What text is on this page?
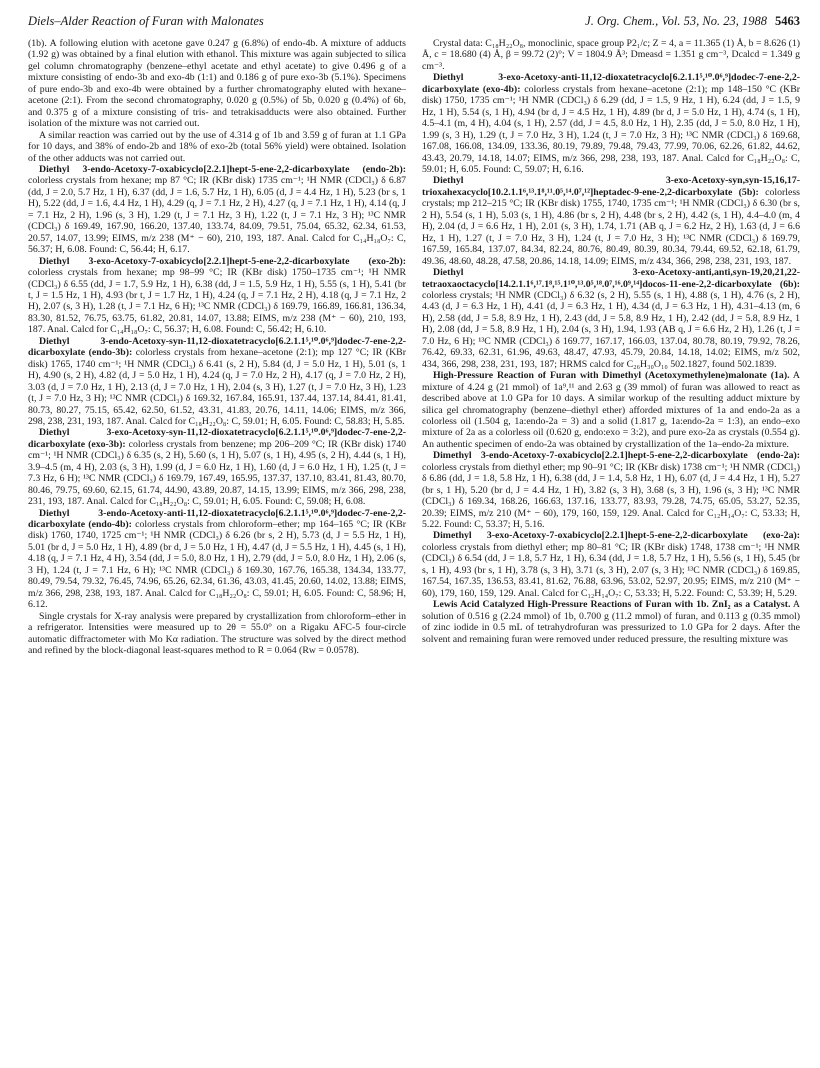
Diels–Alder Reaction of Furan with Malonates	J. Org. Chem., Vol. 53, No. 23, 1988 5463

(1b). A following elution with acetone gave 0.247 g (6.8%) of endo-4b. A mixture of adducts (1.92 g) was obtained by a final elution with ethanol. This mixture was again subjected to silica gel column chromatography (benzene–ethyl acetate and ethyl acetate) to give 0.496 g of a mixture consisting of endo-3b and exo-4b (1:1) and 0.186 g of pure exo-3b (5.1%). Specimens of pure endo-3b and exo-4b were obtained by a further chromatography eluted with hexane–acetone (2:1). From the second chromatography, 0.020 g (0.5%) of 5b, 0.020 g (0.4%) of 6b, and 0.375 g of a mixture consisting of tris- and tetrakisadducts were also obtained. Further isolation of the mixture was not carried out.

A similar reaction was carried out by the use of 4.314 g of 1b and 3.59 g of furan at 1.1 GPa for 10 days, and 38% of endo-2b and 18% of exo-2b (total 56% yield) were obtained. Isolation of the other adducts was not carried out.

Diethyl 3-endo-Acetoxy-7-oxabicyclo[2.2.1]hept-5-ene-2,2-dicarboxylate (endo-2b): colorless crystals from hexane; mp 87 °C; IR (KBr disk) 1735 cm⁻¹; ¹H NMR (CDCl₃) δ 6.87 (dd, J = 2.0, 5.7 Hz, 1 H), 6.37 (dd, J = 1.6, 5.7 Hz, 1 H), 6.05 (d, J = 4.4 Hz, 1 H), 5.23 (br s, 1 H), 5.22 (dd, J = 1.6, 4.4 Hz, 1 H), 4.29 (q, J = 7.1 Hz, 2 H), 4.27 (q, J = 7.1 Hz, 1 H), 4.14 (q, J = 7.1 Hz, 2 H), 1.96 (s, 3 H), 1.29 (t, J = 7.1 Hz, 3 H), 1.22 (t, J = 7.1 Hz, 3 H); ¹³C NMR (CDCl₃) δ 169.49, 167.90, 166.20, 137.40, 133.74, 84.09, 79.51, 75.04, 65.32, 62.34, 61.53, 20.57, 14.07, 13.99; EIMS, m/z 238 (M⁺ − 60), 210, 193, 187. Anal. Calcd for C₁₄H₁₈O₇: C, 56.37; H, 6.08. Found: C, 56.44; H, 6.17.

Diethyl 3-exo-Acetoxy-7-oxabicyclo[2.2.1]hept-5-ene-2,2-dicarboxylate (exo-2b): colorless crystals from hexane; mp 98–99 °C; IR (KBr disk) 1750–1735 cm⁻¹; ¹H NMR (CDCl₃) δ 6.55 (dd, J = 1.7, 5.9 Hz, 1 H), 6.38 (dd, J = 1.5, 5.9 Hz, 1 H), 5.55 (s, 1 H), 5.41 (br t, J = 1.5 Hz, 1 H), 4.93 (br t, J = 1.7 Hz, 1 H), 4.24 (q, J = 7.1 Hz, 2 H), 4.18 (q, J = 7.1 Hz, 2 H), 2.07 (s, 3 H), 1.28 (t, J = 7.1 Hz, 6 H); ¹³C NMR (CDCl₃) δ 169.79, 166.89, 166.81, 136.34, 83.30, 81.52, 76.75, 63.75, 61.82, 20.81, 14.07, 13.88; EIMS, m/z 238 (M⁺ − 60), 210, 193, 187. Anal. Calcd for C₁₄H₁₈O₇: C, 56.37; H, 6.08. Found: C, 56.42; H, 6.10.

Diethyl 3-endo-Acetoxy-syn-11,12-dioxatetracyclo[6.2.1.1⁵,¹⁰.0⁶,⁹]dodec-7-ene-2,2-dicarboxylate (endo-3b): colorless crystals from hexane–acetone (2:1); mp 127 °C; IR (KBr disk) 1765, 1740 cm⁻¹; ¹H NMR (CDCl₃) δ 6.41 (s, 2 H), 5.84 (d, J = 5.0 Hz, 1 H), 5.01 (s, 1 H), 4.90 (s, 2 H), 4.82 (d, J = 5.0 Hz, 1 H), 4.24 (q, J = 7.0 Hz, 2 H), 4.17 (q, J = 7.0 Hz, 2 H), 3.03 (d, J = 7.0 Hz, 1 H), 2.13 (d, J = 7.0 Hz, 1 H), 2.04 (s, 3 H), 1.27 (t, J = 7.0 Hz, 3 H), 1.23 (t, J = 7.0 Hz, 3 H); ¹³C NMR (CDCl₃) δ 169.32, 167.84, 165.91, 137.44, 137.14, 84.41, 81.41, 80.73, 80.27, 75.15, 65.42, 62.50, 61.52, 43.31, 41.83, 20.76, 14.11, 14.06; EIMS, m/z 366, 298, 238, 231, 193, 187. Anal. Calcd for C₁₈H₂₂O₈: C, 59.01; H, 6.05. Found: C, 58.83; H, 5.85.

Diethyl 3-exo-Acetoxy-syn-11,12-dioxatetracyclo[6.2.1.1⁵,¹⁰.0⁶,⁹]dodec-7-ene-2,2-dicarboxylate (exo-3b): colorless crystals from benzene; mp 206–209 °C; IR (KBr disk) 1740 cm⁻¹; ¹H NMR (CDCl₃) δ 6.35 (s, 2 H), 5.60 (s, 1 H), 5.07 (s, 1 H), 4.95 (s, 2 H), 4.44 (s, 1 H), 3.9–4.5 (m, 4 H), 2.03 (s, 3 H), 1.99 (d, J = 6.0 Hz, 1 H), 1.60 (d, J = 6.0 Hz, 1 H), 1.25 (t, J = 7.3 Hz, 6 H); ¹³C NMR (CDCl₃) δ 169.79, 167.49, 165.95, 137.37, 137.10, 83.41, 81.43, 80.70, 80.46, 79.75, 69.60, 62.15, 61.74, 44.90, 43.89, 20.87, 14.15, 13.99; EIMS, m/z 366, 298, 238, 231, 193, 187. Anal. Calcd for C₁₈H₂₂O₈: C, 59.01; H, 6.05. Found: C, 59.08; H, 6.08.

Diethyl 3-endo-Acetoxy-anti-11,12-dioxatetracyclo[6.2.1.1⁵,¹⁰.0⁶,⁹]dodec-7-ene-2,2-dicarboxylate (endo-4b): colorless crystals from chloroform–ether; mp 164–165 °C; IR (KBr disk) 1760, 1740, 1725 cm⁻¹; ¹H NMR (CDCl₃) δ 6.26 (br s, 2 H), 5.73 (d, J = 5.5 Hz, 1 H), 5.01 (br d, J = 5.0 Hz, 1 H), 4.89 (br d, J = 5.0 Hz, 1 H), 4.47 (d, J = 5.5 Hz, 1 H), 4.45 (s, 1 H), 4.18 (q, J = 7.1 Hz, 4 H), 3.54 (dd, J = 5.0, 8.0 Hz, 1 H), 2.79 (dd, J = 5.0, 8.0 Hz, 1 H), 2.06 (s, 3 H), 1.24 (t, J = 7.1 Hz, 6 H); ¹³C NMR (CDCl₃) δ 169.30, 167.76, 165.38, 134.34, 133.77, 80.49, 79.54, 79.32, 76.45, 74.96, 65.26, 62.34, 61.36, 43.03, 41.45, 20.60, 14.02, 13.88; EIMS, m/z 366, 298, 238, 193, 187. Anal. Calcd for C₁₈H₂₂O₈: C, 59.01; H, 6.05. Found: C, 58.96; H, 6.12.

Single crystals for X-ray analysis were prepared by crystallization from chloroform–ether in a refrigerator. Intensities were measured up to 2θ = 55.0° on a Rigaku AFC-5 four-circle automatic diffractometer with Mo Kα radiation. The structure was solved by the direct method and refined by the block-diagonal least-squares method to R = 0.064 (Rw = 0.0578).

Crystal data: C₁₈H₂₂O₈, monoclinic, space group P2₁/c; Z = 4, a = 11.365 (1) Å, b = 8.626 (1) Å, c = 18.680 (4) Å, β = 99.72 (2)°; V = 1804.9 Å³; Dmeasd = 1.351 g cm⁻³, Dcalcd = 1.349 g cm⁻³.

Diethyl 3-exo-Acetoxy-anti-11,12-dioxatetracyclo[6.2.1.1⁵,¹⁰.0⁶,⁹]dodec-7-ene-2,2-dicarboxylate (exo-4b): colorless crystals from hexane–acetone (2:1); mp 148–150 °C (KBr disk) 1750, 1735 cm⁻¹; ¹H NMR (CDCl₃) δ 6.29 (dd, J = 1.5, 9 Hz, 1 H), 6.24 (dd, J = 1.5, 9 Hz, 1 H), 5.54 (s, 1 H), 4.94 (br d, J = 4.5 Hz, 1 H), 4.89 (br d, J = 5.0 Hz, 1 H), 4.74 (s, 1 H), 4.5–4.1 (m, 4 H), 4.04 (s, 1 H), 2.57 (dd, J = 4.5, 8.0 Hz, 1 H), 2.35 (dd, J = 5.0, 8.0 Hz, 1 H), 1.99 (s, 3 H), 1.29 (t, J = 7.0 Hz, 3 H), 1.24 (t, J = 7.0 Hz, 3 H); ¹³C NMR (CDCl₃) δ 169.68, 167.08, 166.08, 134.09, 133.36, 80.19, 79.89, 79.48, 79.43, 77.99, 70.06, 62.26, 61.82, 44.62, 43.43, 20.79, 14.18, 14.07; EIMS, m/z 366, 298, 238, 193, 187. Anal. Calcd for C₁₈H₂₂O₈: C, 59.01; H, 6.05. Found: C, 59.07; H, 6.16.

Diethyl 3-exo-Acetoxy-syn,syn-15,16,17-trioxahexacyclo[10.2.1.1⁶,¹³.1⁸,¹¹.0⁵,¹⁴.0⁷,¹²]heptadec-9-ene-2,2-dicarboxylate (5b): colorless crystals; mp 212–215 °C; IR (KBr disk) 1755, 1740, 1735 cm⁻¹; ¹H NMR (CDCl₃) δ 6.30 (br s, 2 H), 5.54 (s, 1 H), 5.03 (s, 1 H), 4.86 (br s, 2 H), 4.48 (br s, 2 H), 4.42 (s, 1 H), 4.4–4.0 (m, 4 H), 2.04 (d, J = 6.6 Hz, 1 H), 2.01 (s, 3 H), 1.74, 1.71 (AB q, J = 6.2 Hz, 2 H), 1.63 (d, J = 6.6 Hz, 1 H), 1.27 (t, J = 7.0 Hz, 3 H), 1.24 (t, J = 7.0 Hz, 3 H); ¹³C NMR (CDCl₃) δ 169.79, 167.59, 165.84, 137.07, 84.34, 82.24, 80.76, 80.49, 80.39, 80.34, 79.44, 69.52, 62.18, 61.79, 49.36, 48.60, 48.28, 47.58, 20.86, 14.18, 14.09; EIMS, m/z 434, 366, 298, 238, 231, 193, 187.

Diethyl 3-exo-Acetoxy-anti,anti,syn-19,20,21,22-tetraoxaoctacyclo[14.2.1.1⁶,¹⁷.1⁸,¹⁵.1¹⁰,¹³.0⁵,¹⁸.0⁷,¹⁶.0⁹,¹⁴]docos-11-ene-2,2-dicarboxylate (6b): colorless crystals; ¹H NMR (CDCl₃) δ 6.32 (s, 2 H), 5.55 (s, 1 H), 4.88 (s, 1 H), 4.76 (s, 2 H), 4.43 (d, J = 6.3 Hz, 1 H), 4.41 (d, J = 6.3 Hz, 1 H), 4.34 (d, J = 6.3 Hz, 1 H), 4.31–4.13 (m, 6 H), 2.58 (dd, J = 5.8, 8.9 Hz, 1 H), 2.43 (dd, J = 5.8, 8.9 Hz, 1 H), 2.42 (dd, J = 5.8, 8.9 Hz, 1 H), 2.08 (dd, J = 5.8, 8.9 Hz, 1 H), 2.04 (s, 3 H), 1.94, 1.93 (AB q, J = 6.6 Hz, 2 H), 1.26 (t, J = 7.0 Hz, 6 H); ¹³C NMR (CDCl₃) δ 169.77, 167.17, 166.03, 137.04, 80.78, 80.19, 79.92, 78.26, 76.42, 69.33, 62.31, 61.96, 49.63, 48.47, 47.93, 45.79, 20.84, 14.18, 14.02; EIMS, m/z 502, 434, 366, 298, 238, 231, 193, 187; HRMS calcd for C₂₆H₃₀O₁₀ 502.1827, found 502.1839.

High-Pressure Reaction of Furan with Dimethyl (Acetoxymethylene)malonate (1a). A mixture of 4.24 g (21 mmol) of 1a⁹,¹¹ and 2.63 g (39 mmol) of furan was allowed to react as described above at 1.0 GPa for 10 days. A similar workup of the resulting adduct mixture by silica gel chromatography (benzene–diethyl ether) afforded mixtures of 1a and endo-2a as a colorless oil (1.504 g, 1a:endo-2a = 3) and a solid (1.817 g, 1a:endo-2a = 1:3), an endo–exo mixture of 2a as a colorless oil (0.620 g, endo:exo = 3:2), and pure exo-2a as crystals (0.554 g). An authentic specimen of endo-2a was obtained by crystallization of the 1a–endo-2a mixture.

Dimethyl 3-endo-Acetoxy-7-oxabicyclo[2.2.1]hept-5-ene-2,2-dicarboxylate (endo-2a): colorless crystals from diethyl ether; mp 90–91 °C; IR (KBr disk) 1738 cm⁻¹; ¹H NMR (CDCl₃) δ 6.86 (dd, J = 1.8, 5.8 Hz, 1 H), 6.38 (dd, J = 1.4, 5.8 Hz, 1 H), 6.07 (d, J = 4.4 Hz, 1 H), 5.27 (br s, 1 H), 5.20 (br d, J = 4.4 Hz, 1 H), 3.82 (s, 3 H), 3.68 (s, 3 H), 1.96 (s, 3 H); ¹³C NMR (CDCl₃) δ 169.34, 168.26, 166.63, 137.16, 133.77, 83.93, 79.28, 74.75, 65.05, 53.27, 52.35, 20.39; EIMS, m/z 210 (M⁺ − 60), 179, 160, 159, 129. Anal. Calcd for C₁₂H₁₄O₇: C, 53.33; H, 5.22. Found: C, 53.37; H, 5.16.

Dimethyl 3-exo-Acetoxy-7-oxabicyclo[2.2.1]hept-5-ene-2,2-dicarboxylate (exo-2a): colorless crystals from diethyl ether; mp 80–81 °C; IR (KBr disk) 1748, 1738 cm⁻¹; ¹H NMR (CDCl₃) δ 6.54 (dd, J = 1.8, 5.7 Hz, 1 H), 6.34 (dd, J = 1.8, 5.7 Hz, 1 H), 5.56 (s, 1 H), 5.45 (br s, 1 H), 4.93 (br s, 1 H), 3.78 (s, 3 H), 3.71 (s, 3 H), 2.07 (s, 3 H); ¹³C NMR (CDCl₃) δ 169.85, 167.54, 167.35, 136.53, 83.41, 81.62, 76.88, 63.96, 53.02, 52.97, 20.95; EIMS, m/z 210 (M⁺ − 60), 179, 160, 159, 129. Anal. Calcd for C₁₂H₁₄O₇: C, 53.33; H, 5.22. Found: C, 53.39; H, 5.29.

Lewis Acid Catalyzed High-Pressure Reactions of Furan with 1b. ZnI₂ as a Catalyst. A solution of 0.516 g (2.24 mmol) of 1b, 0.700 g (11.2 mmol) of furan, and 0.113 g (0.35 mmol) of zinc iodide in 0.5 mL of tetrahydrofuran was pressurized to 1.0 GPa for 2 days. After the solvent and remaining furan were removed under reduced pressure, the resulting mixture was
